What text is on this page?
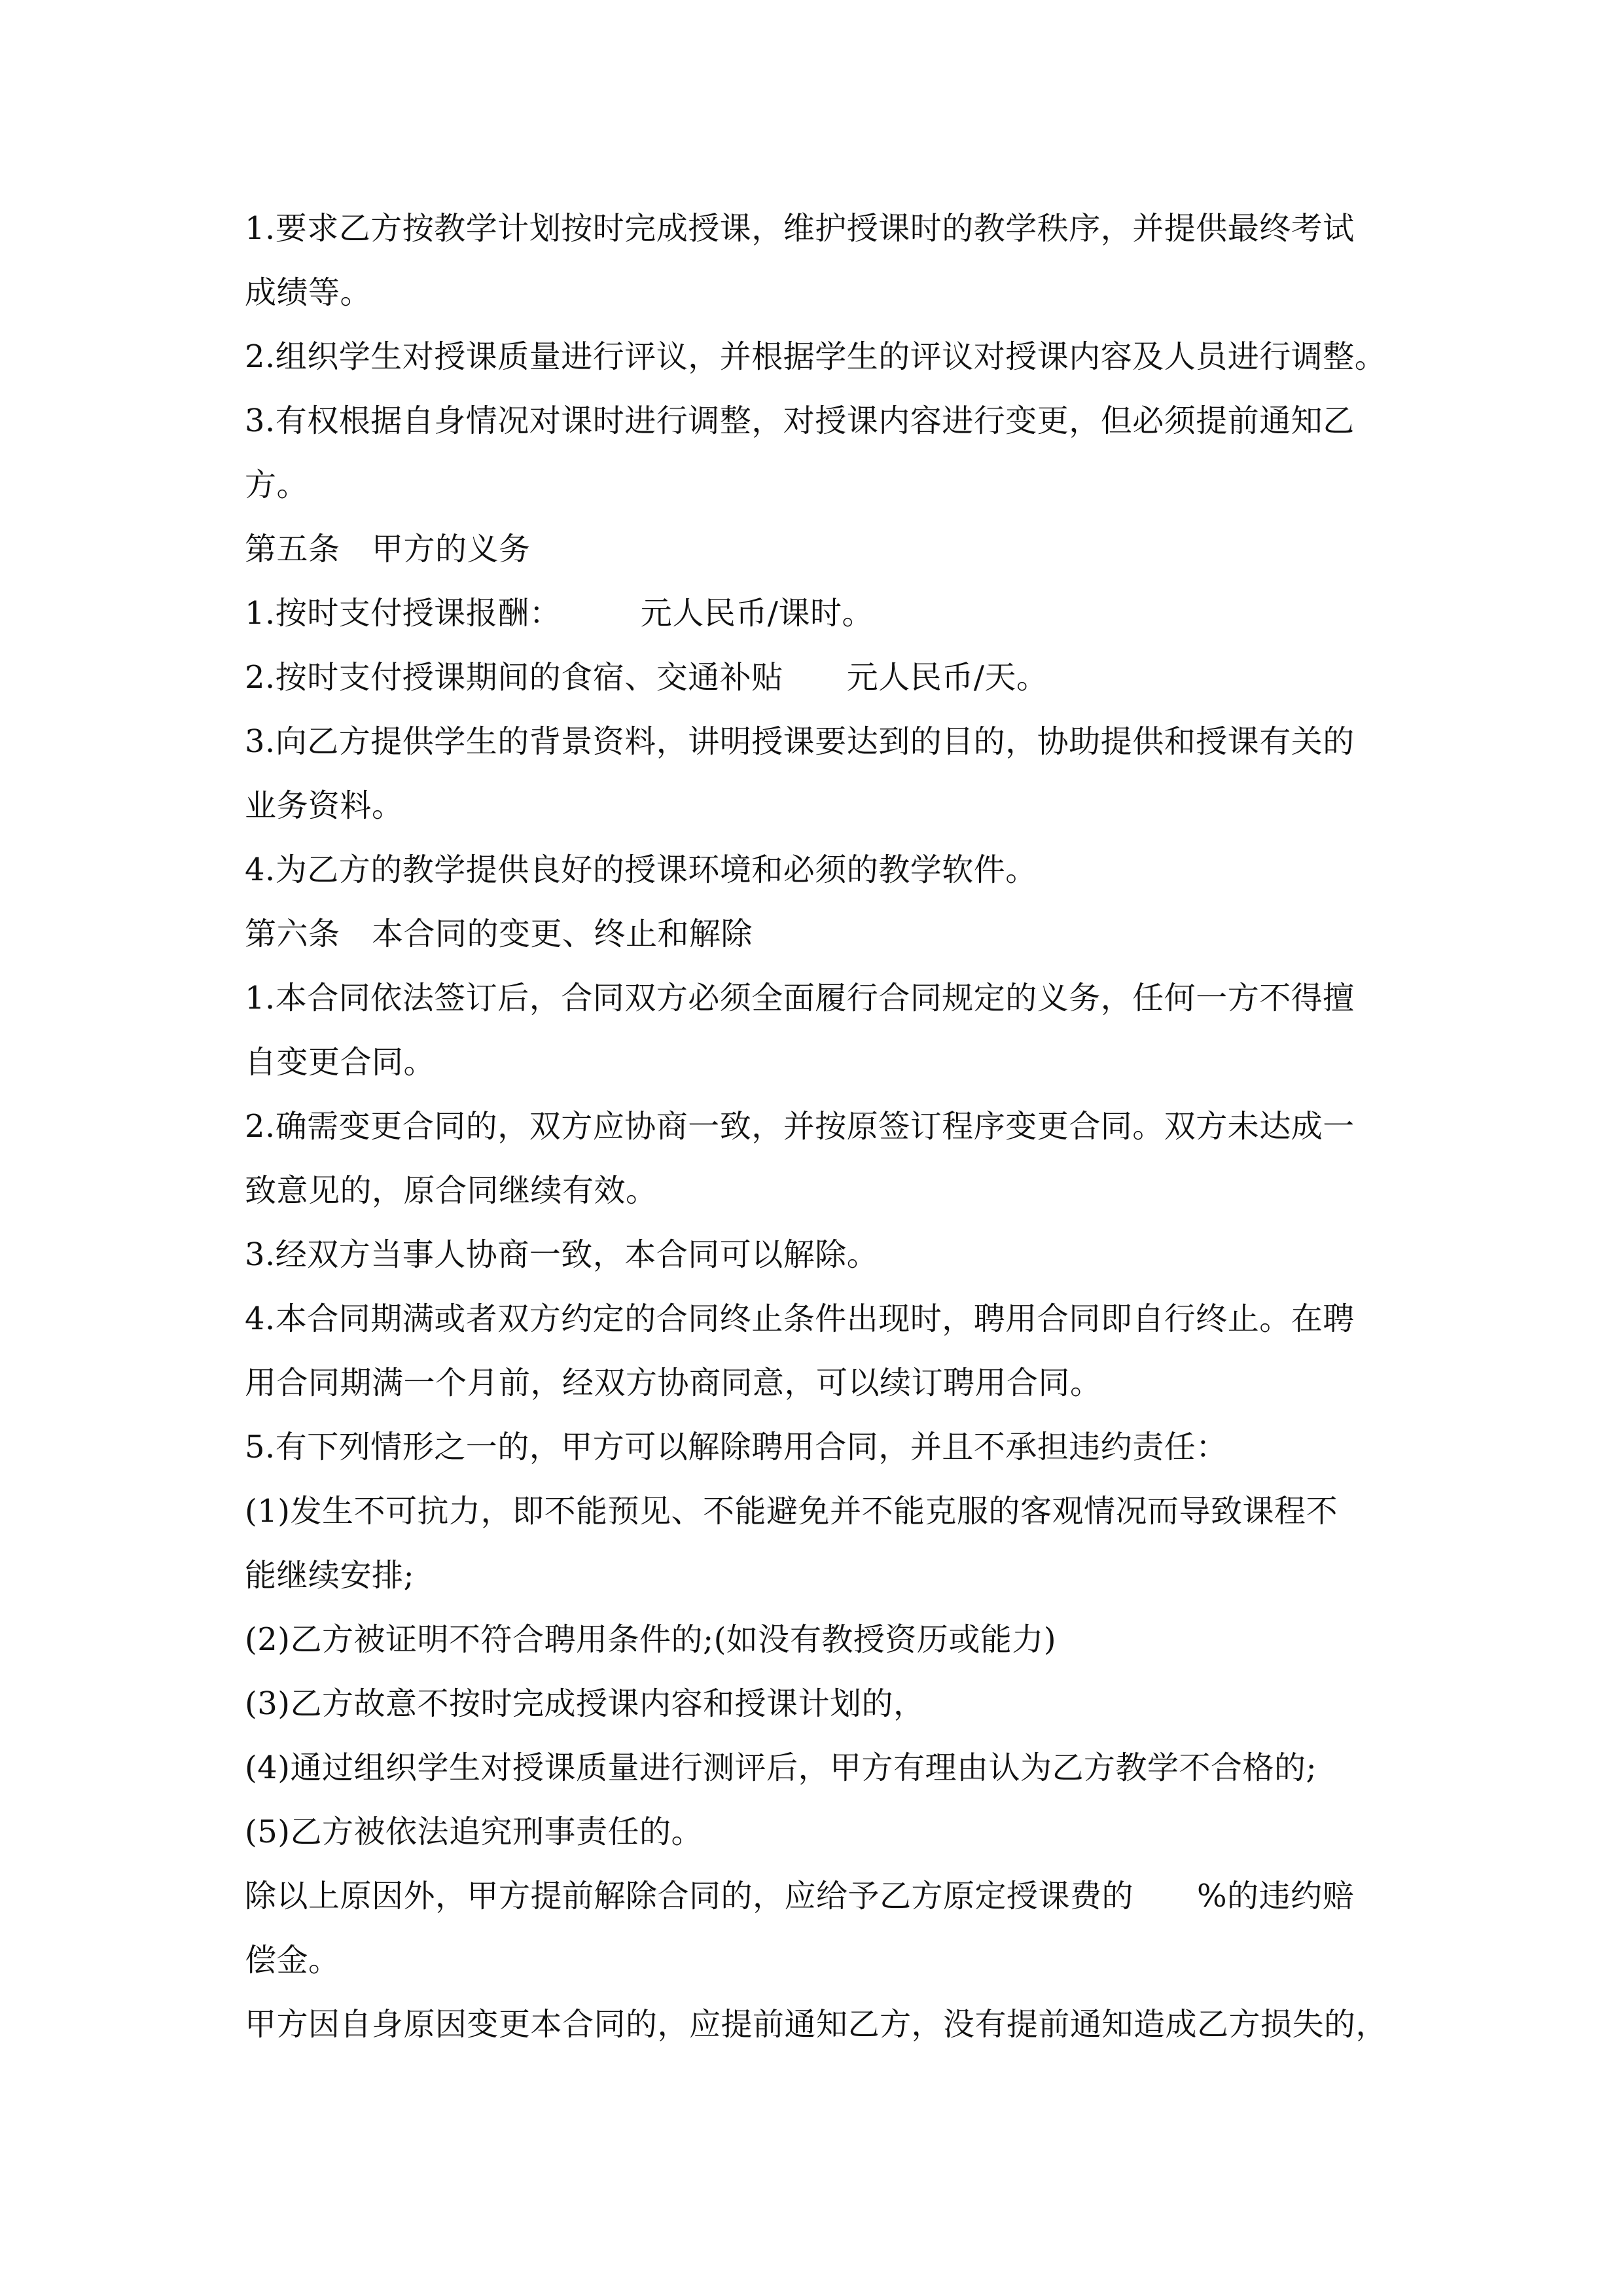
1.要求乙方按教学计划按时完成授课，维护授课时的教学秩序，并提供最终考试
成绩等。
2.组织学生对授课质量进行评议，并根据学生的评议对授课内容及人员进行调整。
3.有权根据自身情况对课时进行调整，对授课内容进行变更，但必须提前通知乙
方。
第五条　甲方的义务
1.按时支付授课报酬：　　　元人民币/课时。
2.按时支付授课期间的食宿、交通补贴　　元人民币/天。
3.向乙方提供学生的背景资料，讲明授课要达到的目的，协助提供和授课有关的
业务资料。
4.为乙方的教学提供良好的授课环境和必须的教学软件。
第六条　本合同的变更、终止和解除
1.本合同依法签订后，合同双方必须全面履行合同规定的义务，任何一方不得擅
自变更合同。
2.确需变更合同的，双方应协商一致，并按原签订程序变更合同。双方未达成一
致意见的，原合同继续有效。
3.经双方当事人协商一致，本合同可以解除。
4.本合同期满或者双方约定的合同终止条件出现时，聘用合同即自行终止。在聘
用合同期满一个月前，经双方协商同意，可以续订聘用合同。
5.有下列情形之一的，甲方可以解除聘用合同，并且不承担违约责任：
(1)发生不可抗力，即不能预见、不能避免并不能克服的客观情况而导致课程不
能继续安排;
(2)乙方被证明不符合聘用条件的;(如没有教授资历或能力)
(3)乙方故意不按时完成授课内容和授课计划的，
(4)通过组织学生对授课质量进行测评后，甲方有理由认为乙方教学不合格的;
(5)乙方被依法追究刑事责任的。
除以上原因外，甲方提前解除合同的，应给予乙方原定授课费的　　%的违约赔
偿金。
甲方因自身原因变更本合同的，应提前通知乙方，没有提前通知造成乙方损失的，
